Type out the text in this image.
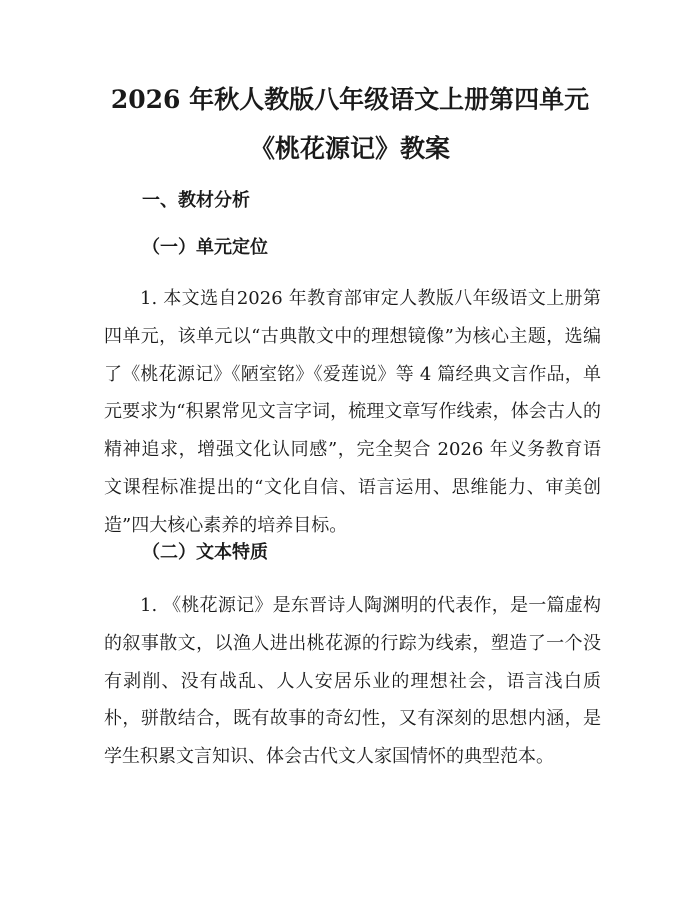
2026 年秋人教版八年级语文上册第四单元
《桃花源记》教案
一、教材分析
（一）单元定位

1. 本文选自2026 年教育部审定人教版八年级语文上册第四单元，该单元以“古典散文中的理想镜像”为核心主题，选编了《桃花源记》《陋室铭》《爱莲说》等 4 篇经典文言作品，单元要求为“积累常见文言字词，梳理文章写作线索，体会古人的精神追求，增强文化认同感”，完全契合 2026 年义务教育语文课程标准提出的“文化自信、语言运用、思维能力、审美创造”四大核心素养的培养目标。

（二）文本特质

1. 《桃花源记》是东晋诗人陶渊明的代表作，是一篇虚构的叙事散文，以渔人进出桃花源的行踪为线索，塑造了一个没有剥削、没有战乱、人人安居乐业的理想社会，语言浅白质朴，骈散结合，既有故事的奇幻性，又有深刻的思想内涵，是学生积累文言知识、体会古代文人家国情怀的典型范本。
